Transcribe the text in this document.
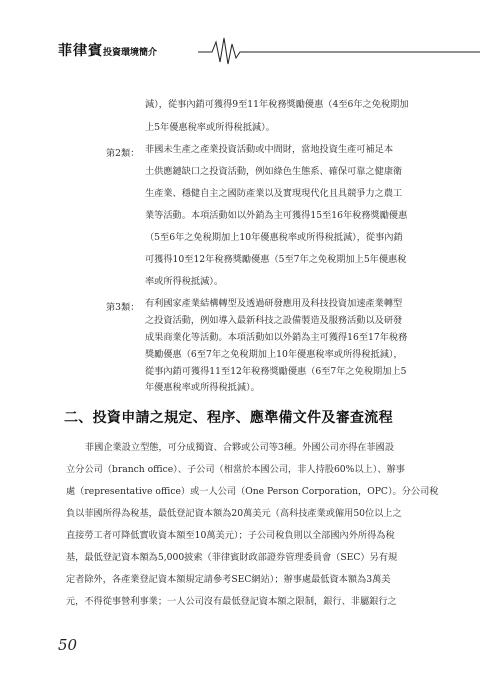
菲律賓投資環境簡介
減），從事內銷可獲得9至11年稅務獎勵優惠（4至6年之免稅期加
上5年優惠稅率或所得稅抵減）。
第2類： 菲國未生產之產業投資活動或中間財，當地投資生產可補足本
土供應鏈缺口之投資活動，例如綠色生態系、確保可靠之健康衛
生產業、穩健自主之國防產業以及實現現代化且具競爭力之農工
業等活動。本項活動如以外銷為主可獲得15至16年稅務獎勵優惠
（5至6年之免稅期加上10年優惠稅率或所得稅抵減），從事內銷
可獲得10至12年稅務獎勵優惠（5至7年之免稅期加上5年優惠稅
率或所得稅抵減）。
第3類： 有利國家產業結構轉型及透過研發應用及科技投資加速產業轉型
之投資活動，例如導入最新科技之設備製造及服務活動以及研發
成果商業化等活動。本項活動如以外銷為主可獲得16至17年稅務
獎勵優惠（6至7年之免稅期加上10年優惠稅率或所得稅抵減），
從事內銷可獲得11至12年稅務獎勵優惠（6至7年之免稅期加上5
二、投資申請之規定、程序、應準備文件及審查流程
菲國企業設立型態，可分成獨資、合夥或公司等3種。外國公司亦得在菲國設
立分公司（branch office）、子公司（相當於本國公司，非人持股60%以上）、辦事
處（representative office）或一人公司（One Person Corporation，OPC）。分公司稅
負以菲國所得為稅基，最低登記資本額為20萬美元（高科技產業或僱用50位以上之
直接勞工者可降低實收資本額至10萬美元）；子公司稅負則以全部國內外所得為稅
基，最低登記資本額為5,000披索（菲律賓財政部證券管理委員會（SEC）另有規
定者除外，各產業登記資本額規定請參考SEC網站）；辦事處最低資本額為3萬美
元，不得從事營利事業；一人公司沒有最低登記資本額之限制，銀行、非屬銀行之
年優惠稅率或所得稅抵減）。
50
